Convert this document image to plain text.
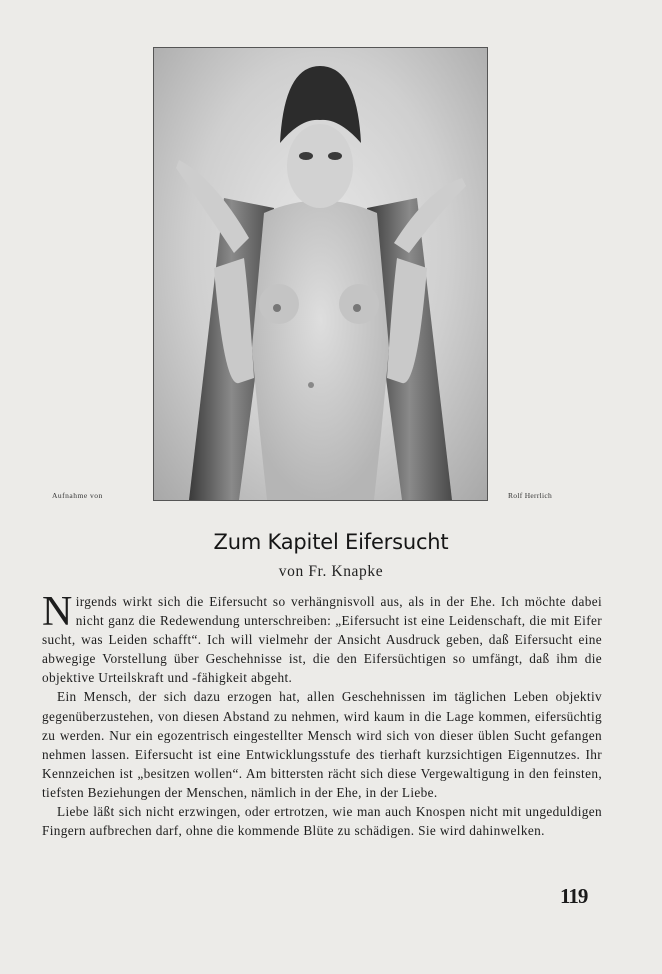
Aufnahme von	Rolf Herrlich
Zum Kapitel Eifersucht
von Fr. Knapke

Nirgends wirkt sich die Eifersucht so verhängnisvoll aus, als in der Ehe. Ich möchte dabei nicht ganz die Redewendung unterschreiben: „Eifersucht ist eine Leidenschaft, die mit Eifer sucht, was Leiden schafft“. Ich will vielmehr der Ansicht Ausdruck geben, daß Eifersucht eine abwegige Vorstellung über Geschehnisse ist, die den Eifersüchtigen so umfängt, daß ihm die objektive Urteilskraft und -fähigkeit abgeht.

Ein Mensch, der sich dazu erzogen hat, allen Geschehnissen im täglichen Leben objektiv gegenüberzustehen, von diesen Abstand zu nehmen, wird kaum in die Lage kommen, eifersüchtig zu werden. Nur ein egozentrisch eingestellter Mensch wird sich von dieser üblen Sucht gefangen nehmen lassen. Eifersucht ist eine Entwicklungsstufe des tierhaft kurzsichtigen Eigennutzes. Ihr Kennzeichen ist „besitzen wollen“. Am bittersten rächt sich diese Vergewaltigung in den feinsten, tiefsten Beziehungen der Menschen, nämlich in der Ehe, in der Liebe.

Liebe läßt sich nicht erzwingen, oder ertrotzen, wie man auch Knospen nicht mit ungeduldigen Fingern aufbrechen darf, ohne die kommende Blüte zu schädigen. Sie wird dahinwelken.

119
